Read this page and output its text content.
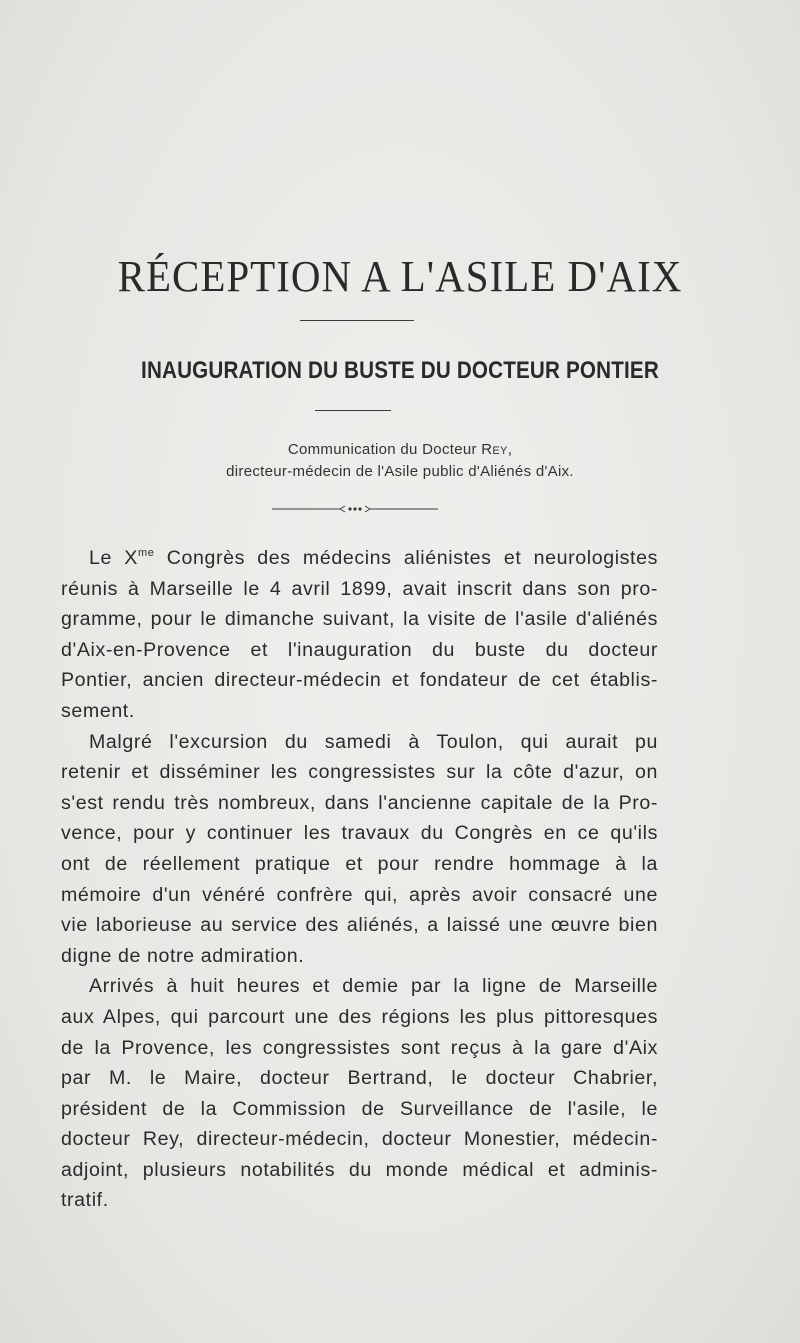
RÉCEPTION A L'ASILE D'AIX
INAUGURATION DU BUSTE DU DOCTEUR PONTIER
Communication du Docteur Rey,
directeur-médecin de l'Asile public d'Aliénés d'Aix.
Le $X^{me}$ Congrès des médecins aliénistes et neurologistes
réunis à Marseille le 4 avril 1899, avait inscrit dans son pro-
gramme, pour le dimanche suivant, la visite de l'asile d'aliénés
d'Aix-en-Provence et l'inauguration du buste du docteur
Pontier, ancien directeur-médecin et fondateur de cet établis-
sement.
Malgré l'excursion du samedi à Toulon, qui aurait pu
retenir et disséminer les congressistes sur la côte d'azur, on
s'est rendu très nombreux, dans l'ancienne capitale de la Pro-
vence, pour y continuer les travaux du Congrès en ce qu'ils
ont de réellement pratique et pour rendre hommage à la
mémoire d'un vénéré confrère qui, après avoir consacré une
vie laborieuse au service des aliénés, a laissé une œuvre bien
digne de notre admiration.
Arrivés à huit heures et demie par la ligne de Marseille
aux Alpes, qui parcourt une des régions les plus pittoresques
de la Provence, les congressistes sont reçus à la gare d'Aix
par M. le Maire, docteur Bertrand, le docteur Chabrier,
président de la Commission de Surveillance de l'asile, le
docteur Rey, directeur-médecin, docteur Monestier, médecin-
adjoint, plusieurs notabilités du monde médical et adminis-
tratif.
